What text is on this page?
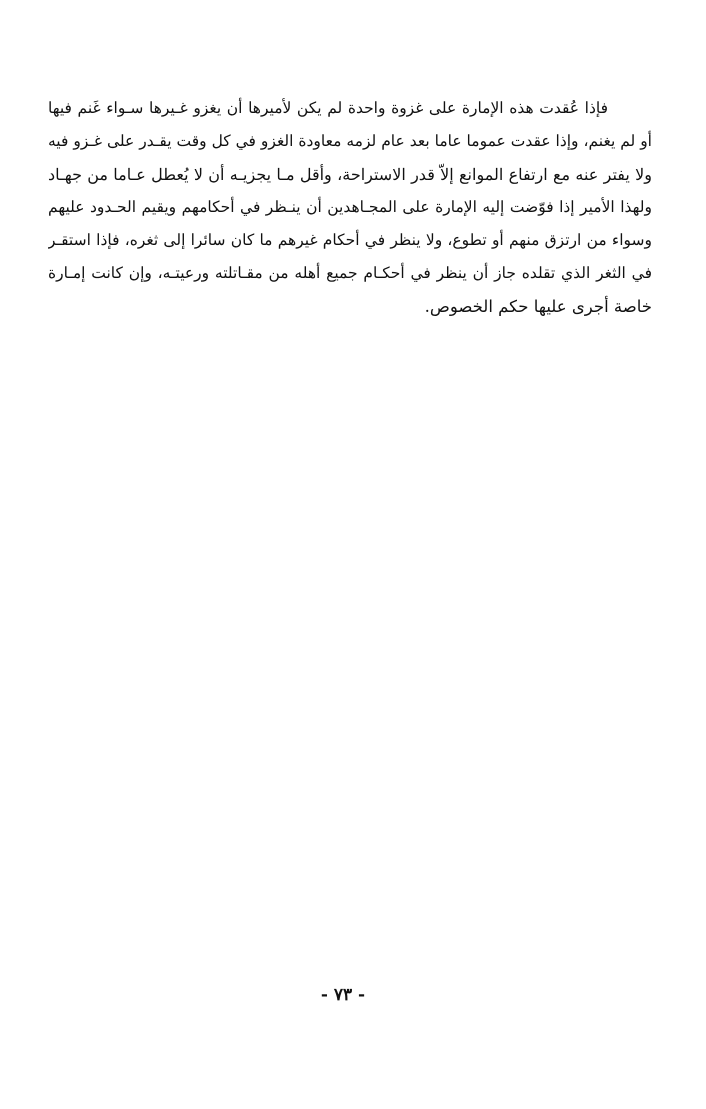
فإذا عُقدت هذه الإمارة على غزوة واحدة لم يكن لأميرها أن يغزو غـيرها سـواء غَنم فيها
أو لم يغنم، وإذا عقدت عموما عاما بعد عام لزمه معاودة الغزو في كل وقت يقـدر على غـزو فيه
ولا يفتر عنه مع ارتفاع الموانع إلاّ قدر الاستراحة، وأقل مـا يجزيـه أن لا يُعطل عـاما من جهـاد
ولهذا الأمير إذا فوّضت إليه الإمارة على المجـاهدين أن ينـظر في أحكامهم ويقيم الحـدود عليهم
وسواء من ارتزق منهم أو تطوع، ولا ينظر في أحكام غيرهم ما كان سائرا إلى ثغره، فإذا استقـر
في الثغر الذي تقلده جاز أن ينظر في أحكـام جميع أهله من مقـاتلته ورعيتـه، وإن كانت إمـارة
خاصة أجرى عليها حكم الخصوص.
- ٧٣ -
